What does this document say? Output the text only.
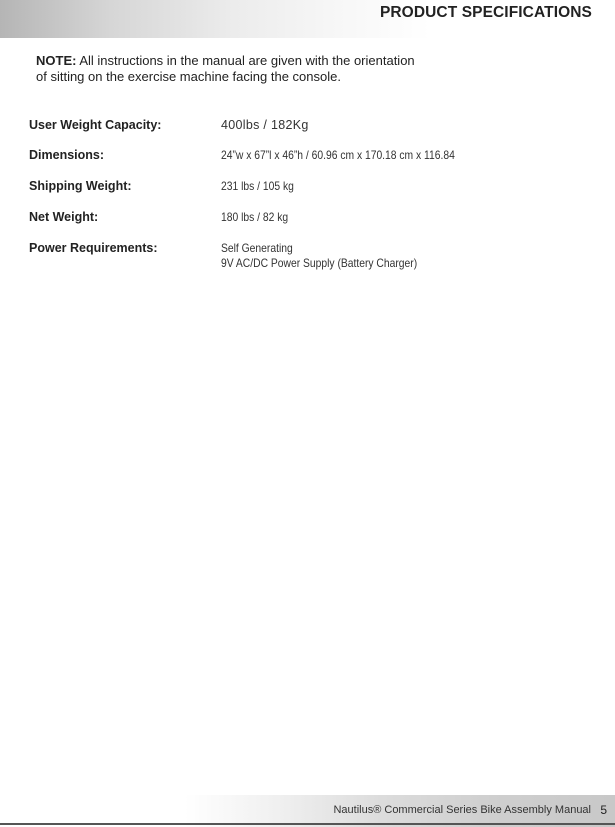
PRODUCT SPECIFICATIONS
NOTE: All instructions in the manual are given with the orientation
of sitting on the exercise machine facing the console.
User Weight Capacity:	400lbs / 182Kg
Dimensions:	24”w x 67”l x 46”h / 60.96 cm x 170.18 cm x 116.84
Shipping Weight:	231 lbs / 105 kg
Net Weight:	180 lbs / 82 kg
Power Requirements:	Self Generating
9V AC/DC Power Supply (Battery Charger)
Nautilus® Commercial Series Bike Assembly Manual 5
